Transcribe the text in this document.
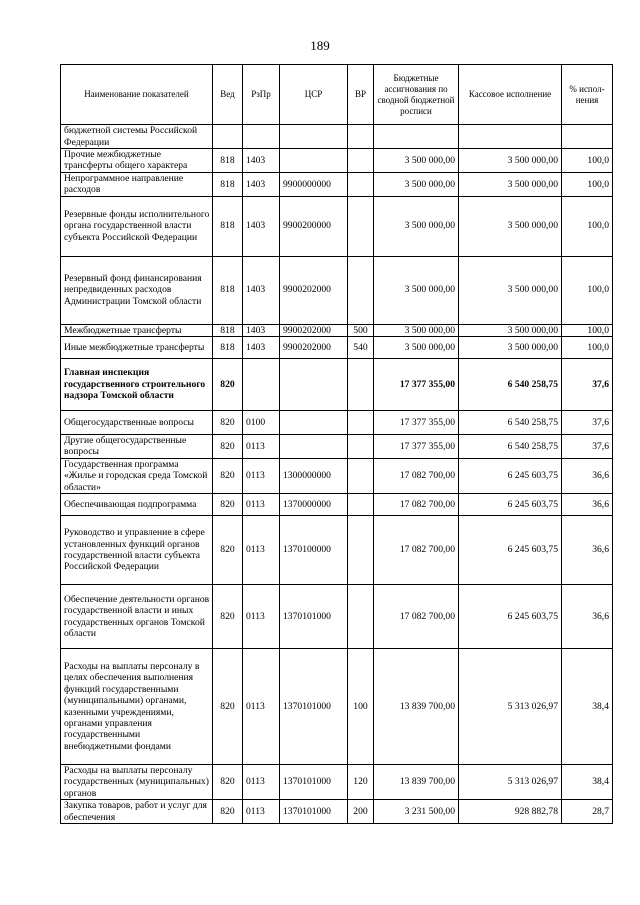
189
Наименование показателей	Вед	РзПр	ЦСР	ВР	Бюджетные ассигнования по сводной бюджетной росписи	Кассовое исполнение	% испол-нения
бюджетной системы Российской Федерации							
Прочие межбюджетные трансферты общего характера	818	1403			3 500 000,00	3 500 000,00	100,0
Непрограммное направление расходов	818	1403	9900000000		3 500 000,00	3 500 000,00	100,0
Резервные фонды исполнительного органа государственной власти субъекта Российской Федерации	818	1403	9900200000		3 500 000,00	3 500 000,00	100,0
Резервный фонд финансирования непредвиденных расходов Администрации Томской области	818	1403	9900202000		3 500 000,00	3 500 000,00	100,0
Межбюджетные трансферты	818	1403	9900202000	500	3 500 000,00	3 500 000,00	100,0
Иные межбюджетные трансферты	818	1403	9900202000	540	3 500 000,00	3 500 000,00	100,0
Главная инспекция государственного строительного надзора Томской области	820				17 377 355,00	6 540 258,75	37,6
Общегосударственные вопросы	820	0100			17 377 355,00	6 540 258,75	37,6
Другие общегосударственные вопросы	820	0113			17 377 355,00	6 540 258,75	37,6
Государственная программа «Жилье и городская среда Томской области»	820	0113	1300000000		17 082 700,00	6 245 603,75	36,6
Обеспечивающая подпрограмма	820	0113	1370000000		17 082 700,00	6 245 603,75	36,6
Руководство и управление в сфере установленных функций органов государственной власти субъекта Российской Федерации	820	0113	1370100000		17 082 700,00	6 245 603,75	36,6
Обеспечение деятельности органов государственной власти и иных государственных органов Томской области	820	0113	1370101000		17 082 700,00	6 245 603,75	36,6
Расходы на выплаты персоналу в целях обеспечения выполнения функций государственными (муниципальными) органами, казенными учреждениями, органами управления государственными внебюджетными фондами	820	0113	1370101000	100	13 839 700,00	5 313 026,97	38,4
Расходы на выплаты персоналу государственных (муниципальных) органов	820	0113	1370101000	120	13 839 700,00	5 313 026,97	38,4
Закупка товаров, работ и услуг для обеспечения	820	0113	1370101000	200	3 231 500,00	928 882,78	28,7
